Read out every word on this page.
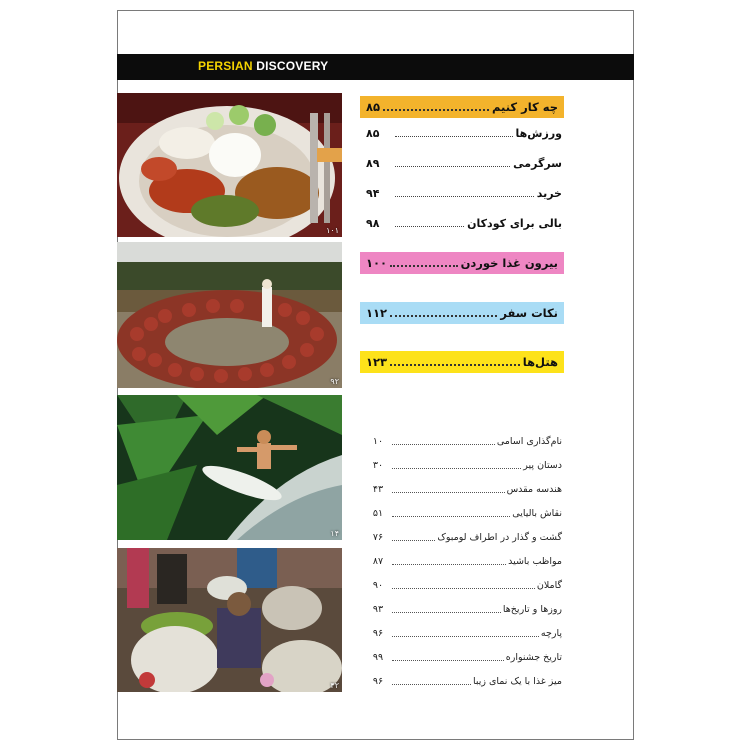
PERSIAN DISCOVERY
۱۰۱
۹۲
۱۴
۴۲
چه کار کنیم
۸۵
ورزش‌ها
۸۵
سرگرمی
۸۹
خرید
۹۴
بالی برای کودکان
۹۸
بیرون غذا خوردن
۱۰۰
نکات سفر
۱۱۲
هتل‌ها
۱۲۳
نام‌گذاری اسامی
۱۰
دستان پیر
۳۰
هندسه مقدس
۴۳
نقاش بالیایی
۵۱
گشت و گذار در اطراف لومبوک
۷۶
مواظب باشید
۸۷
گاملان
۹۰
روزها و تاریخ‌ها
۹۳
پارچه
۹۶
تاریخ جشنواره
۹۹
میز غذا با یک نمای زیبا
۹۶
